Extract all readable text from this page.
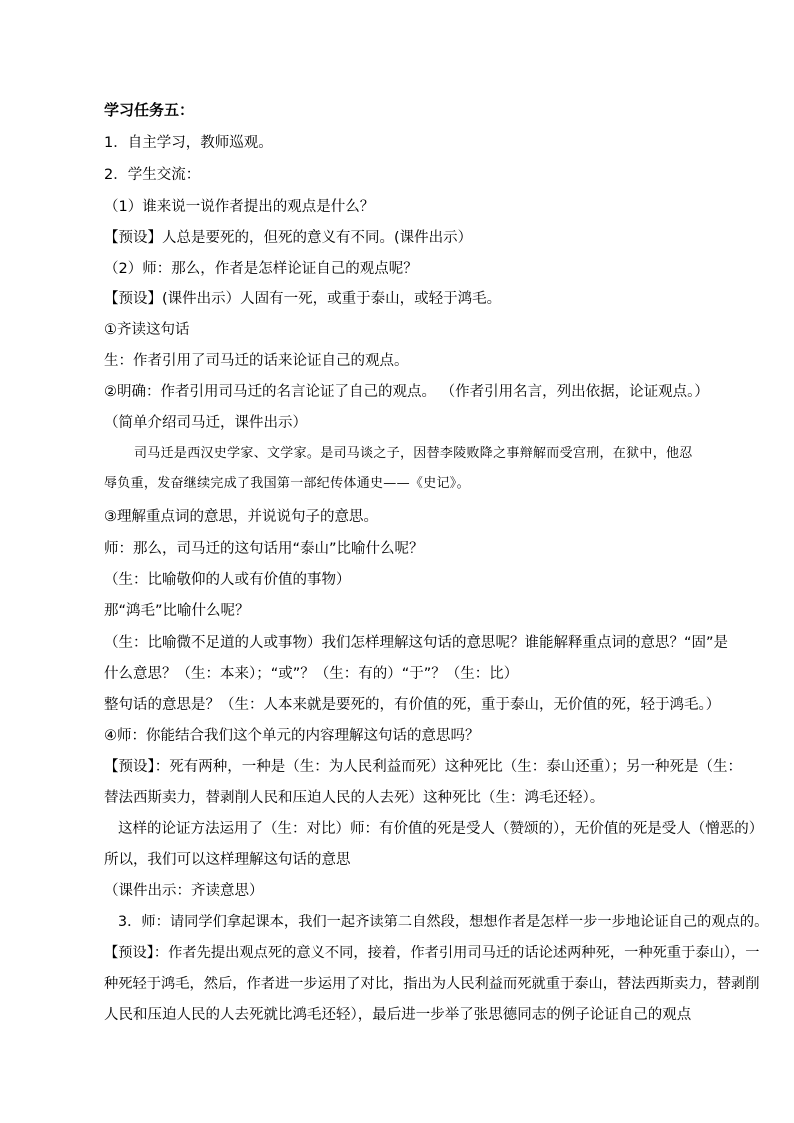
学习任务五：
1．自主学习，教师巡观。
2．学生交流：
（1）谁来说一说作者提出的观点是什么？
【预设】人总是要死的，但死的意义有不同。(课件出示）
（2）师：那么，作者是怎样论证自己的观点呢？
【预设】(课件出示）人固有一死，或重于泰山，或轻于鸿毛。
①齐读这句话
生：作者引用了司马迁的话来论证自己的观点。
②明确：作者引用司马迁的名言论证了自己的观点。 （作者引用名言，列出依据，论证观点。）
（简单介绍司马迁，课件出示）
司马迁是西汉史学家、文学家。是司马谈之子，因替李陵败降之事辩解而受宫刑，在狱中，他忍
辱负重，发奋继续完成了我国第一部纪传体通史——《史记》。
③理解重点词的意思，并说说句子的意思。
师：那么，司马迁的这句话用“泰山”比喻什么呢？
（生：比喻敬仰的人或有价值的事物）
那“鸿毛”比喻什么呢？
（生：比喻微不足道的人或事物）我们怎样理解这句话的意思呢？谁能解释重点词的意思？“固”是
什么意思？（生：本来）；“或”？（生：有的）“于”？（生：比）
整句话的意思是？（生：人本来就是要死的，有价值的死，重于泰山，无价值的死，轻于鸿毛。）
④师：你能结合我们这个单元的内容理解这句话的意思吗？
【预设】：死有两种，一种是（生：为人民利益而死）这种死比（生：泰山还重）；另一种死是（生：
替法西斯卖力，替剥削人民和压迫人民的人去死）这种死比（生：鸿毛还轻）。
这样的论证方法运用了（生：对比）师：有价值的死是受人（赞颂的），无价值的死是受人（憎恶的）
所以，我们可以这样理解这句话的意思
（课件出示：齐读意思）
3．师：请同学们拿起课本，我们一起齐读第二自然段，想想作者是怎样一步一步地论证自己的观点的。
【预设】：作者先提出观点死的意义不同，接着，作者引用司马迁的话论述两种死，一种死重于泰山），一
种死轻于鸿毛，然后，作者进一步运用了对比，指出为人民利益而死就重于泰山，替法西斯卖力，替剥削
人民和压迫人民的人去死就比鸿毛还轻），最后进一步举了张思德同志的例子论证自己的观点
